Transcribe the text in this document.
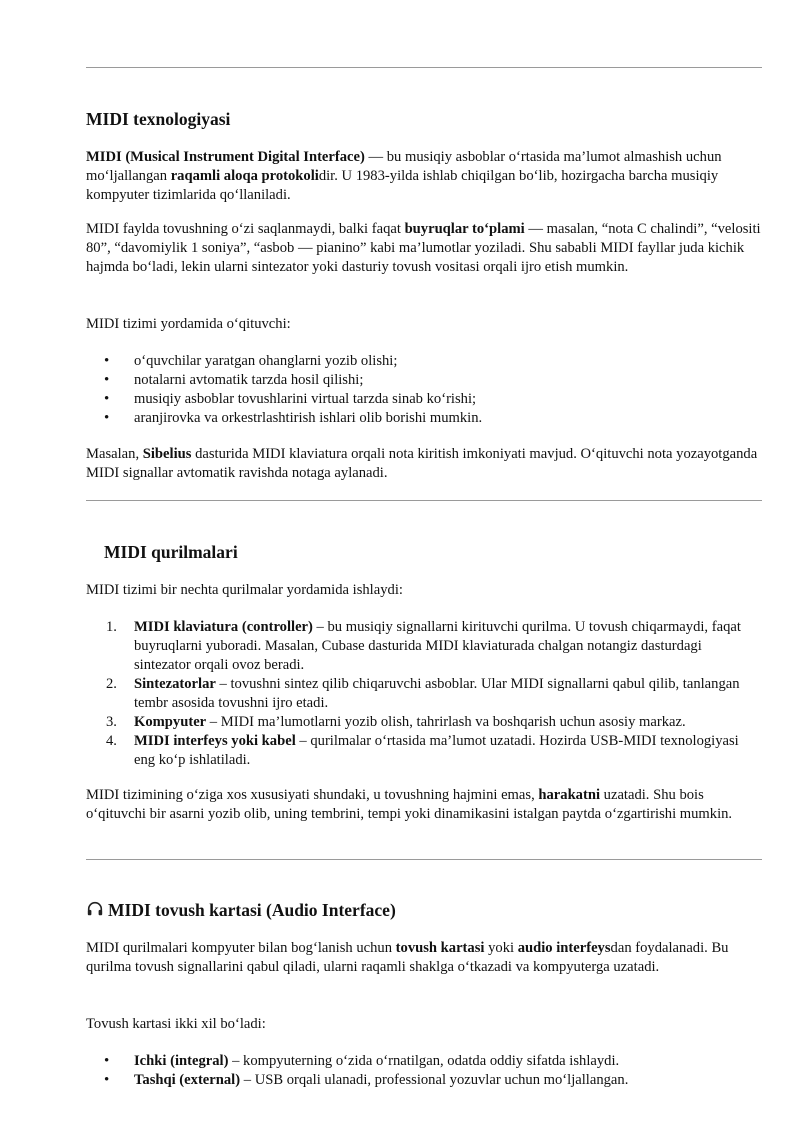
MIDI texnologiyasi

MIDI (Musical Instrument Digital Interface) — bu musiqiy asboblar o‘rtasida ma’lumot almashish uchun mo‘ljallangan raqamli aloqa protokolidir. U 1983-yilda ishlab chiqilgan bo‘lib, hozirgacha barcha musiqiy kompyuter tizimlarida qo‘llaniladi.

MIDI faylda tovushning o‘zi saqlanmaydi, balki faqat buyruqlar to‘plami — masalan, “nota C chalindi”, “velositi 80”, “davomiylik 1 soniya”, “asbob — pianino” kabi ma’lumotlar yoziladi. Shu sababli MIDI fayllar juda kichik hajmda bo‘ladi, lekin ularni sintezator yoki dasturiy tovush vositasi orqali ijro etish mumkin.

MIDI tizimi yordamida o‘qituvchi:

• o‘quvchilar yaratgan ohanglarni yozib olishi;
• notalarni avtomatik tarzda hosil qilishi;
• musiqiy asboblar tovushlarini virtual tarzda sinab ko‘rishi;
• aranjirovka va orkestrlashtirish ishlari olib borishi mumkin.

Masalan, Sibelius dasturida MIDI klaviatura orqali nota kiritish imkoniyati mavjud. O‘qituvchi nota yozayotganda MIDI signallar avtomatik ravishda notaga aylanadi.

MIDI qurilmalari

MIDI tizimi bir nechta qurilmalar yordamida ishlaydi:

1. MIDI klaviatura (controller) – bu musiqiy signallarni kirituvchi qurilma. U tovush chiqarmaydi, faqat buyruqlarni yuboradi. Masalan, Cubase dasturida MIDI klaviaturada chalgan notangiz dasturdagi sintezator orqali ovoz beradi.
2. Sintezatorlar – tovushni sintez qilib chiqaruvchi asboblar. Ular MIDI signallarni qabul qilib, tanlangan tembr asosida tovushni ijro etadi.
3. Kompyuter – MIDI ma’lumotlarni yozib olish, tahrirlash va boshqarish uchun asosiy markaz.
4. MIDI interfeys yoki kabel – qurilmalar o‘rtasida ma’lumot uzatadi. Hozirda USB-MIDI texnologiyasi eng ko‘p ishlatiladi.

MIDI tizimining o‘ziga xos xususiyati shundaki, u tovushning hajmini emas, harakatni uzatadi. Shu bois o‘qituvchi bir asarni yozib olib, uning tembrini, tempi yoki dinamikasini istalgan paytda o‘zgartirishi mumkin.

MIDI tovush kartasi (Audio Interface)

MIDI qurilmalari kompyuter bilan bog‘lanish uchun tovush kartasi yoki audio interfeysdan foydalanadi. Bu qurilma tovush signallarini qabul qiladi, ularni raqamli shaklga o‘tkazadi va kompyuterga uzatadi.

Tovush kartasi ikki xil bo‘ladi:

• Ichki (integral) – kompyuterning o‘zida o‘rnatilgan, odatda oddiy sifatda ishlaydi.
• Tashqi (external) – USB orqali ulanadi, professional yozuvlar uchun mo‘ljallangan.
